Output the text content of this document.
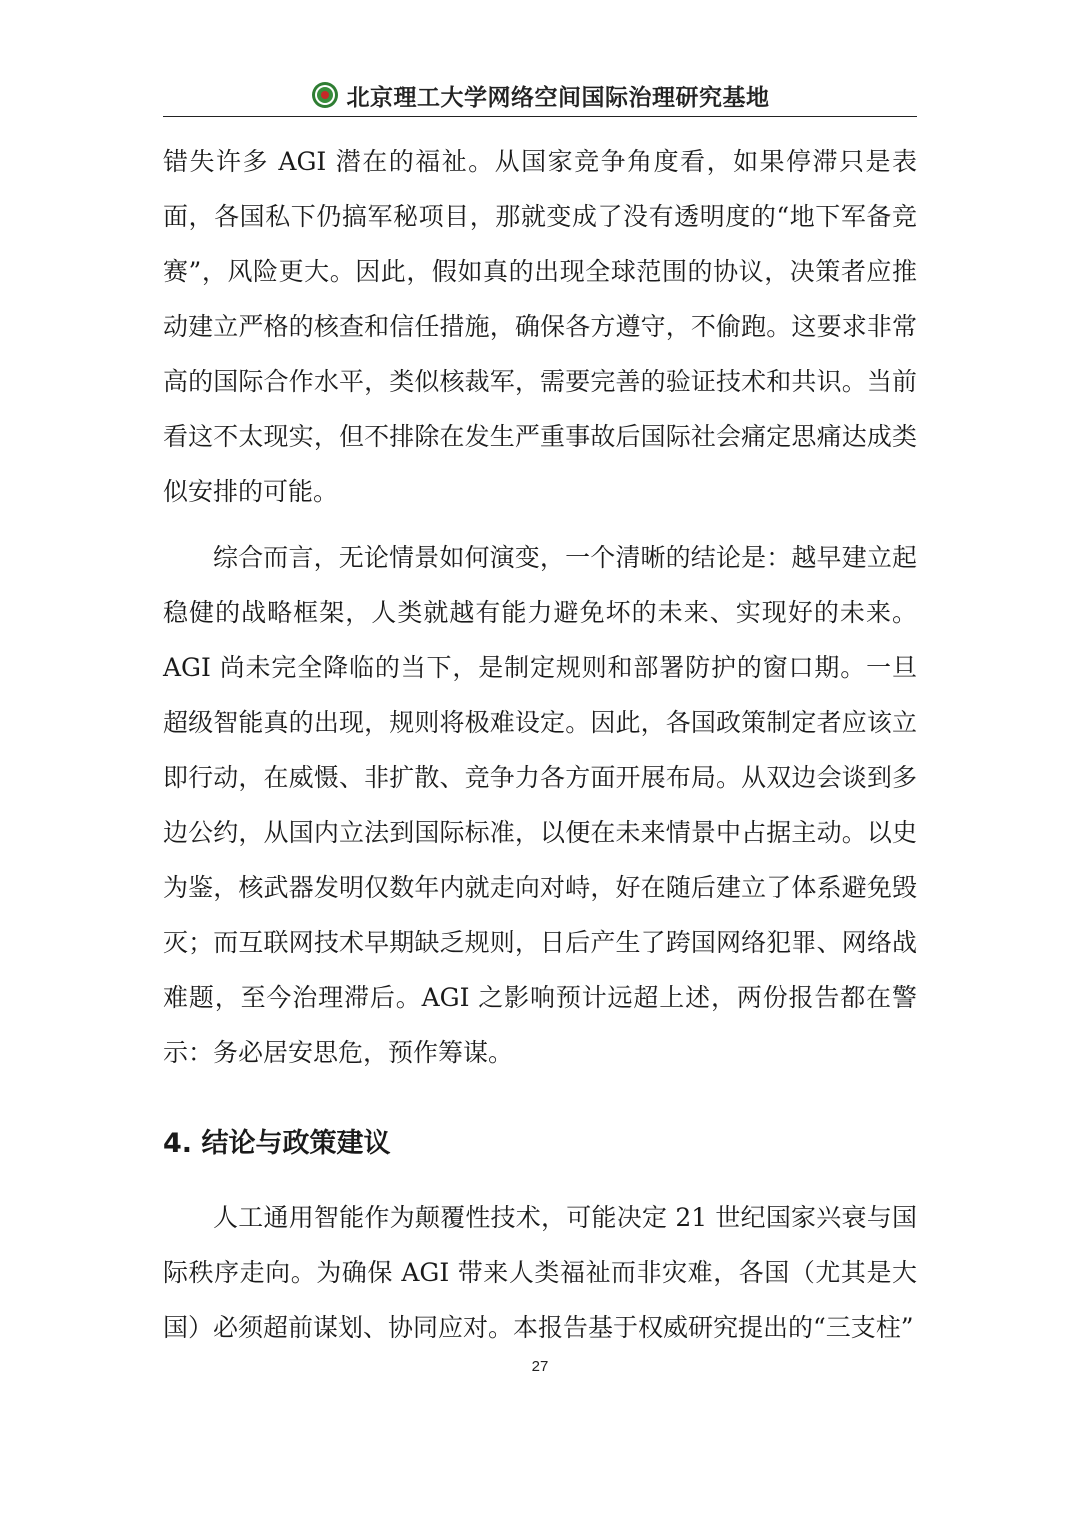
北京理工大学网络空间国际治理研究基地

错失许多 AGI 潜在的福祉。从国家竞争角度看，如果停滞只是表面，各国私下仍搞军秘项目，那就变成了没有透明度的“地下军备竞赛”，风险更大。因此，假如真的出现全球范围的协议，决策者应推动建立严格的核查和信任措施，确保各方遵守，不偷跑。这要求非常高的国际合作水平，类似核裁军，需要完善的验证技术和共识。当前看这不太现实，但不排除在发生严重事故后国际社会痛定思痛达成类似安排的可能。

综合而言，无论情景如何演变，一个清晰的结论是：越早建立起稳健的战略框架，人类就越有能力避免坏的未来、实现好的未来。AGI 尚未完全降临的当下，是制定规则和部署防护的窗口期。一旦超级智能真的出现，规则将极难设定。因此，各国政策制定者应该立即行动，在威慑、非扩散、竞争力各方面开展布局。从双边会谈到多边公约，从国内立法到国际标准，以便在未来情景中占据主动。以史为鉴，核武器发明仅数年内就走向对峙，好在随后建立了体系避免毁灭；而互联网技术早期缺乏规则，日后产生了跨国网络犯罪、网络战难题，至今治理滞后。AGI 之影响预计远超上述，两份报告都在警示：务必居安思危，预作筹谋。

4. 结论与政策建议

人工通用智能作为颠覆性技术，可能决定 21 世纪国家兴衰与国际秩序走向。为确保 AGI 带来人类福祉而非灾难，各国（尤其是大国）必须超前谋划、协同应对。本报告基于权威研究提出的“三支柱”

27
